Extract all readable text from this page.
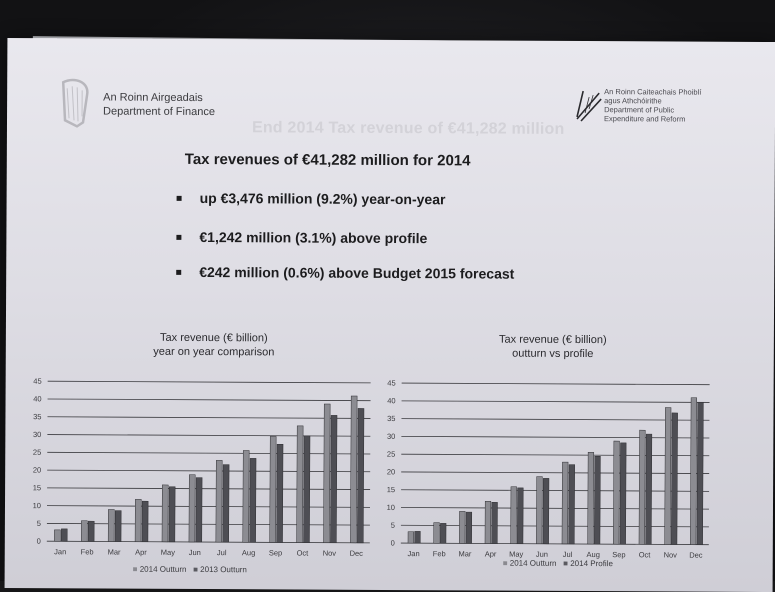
An Roinn Airgeadais
Department of Finance
End 2014 Tax revenue of €41,282 million
An Roinn Caiteachais Phoiblí
agus Athchóirithe
Department of Public
Expenditure and Reform
Tax revenues of €41,282 million for 2014
up €3,476 million (9.2%) year-on-year
€1,242 million (3.1%) above profile
€242 million (0.6%) above Budget 2015 forecast
Tax revenue (€ billion)
year on year comparison
0
5
10
15
20
25
30
35
40
45
Jan Feb Mar Apr May Jun Jul Aug Sep Oct Nov Dec
■ 2014 Outturn ■ 2013 Outturn
Tax revenue (€ billion)
outturn vs profile
0
5
10
15
20
25
30
35
40
45
Jan Feb Mar Apr May Jun Jul Aug Sep Oct Nov Dec
■ 2014 Outturn ■ 2014 Profile
